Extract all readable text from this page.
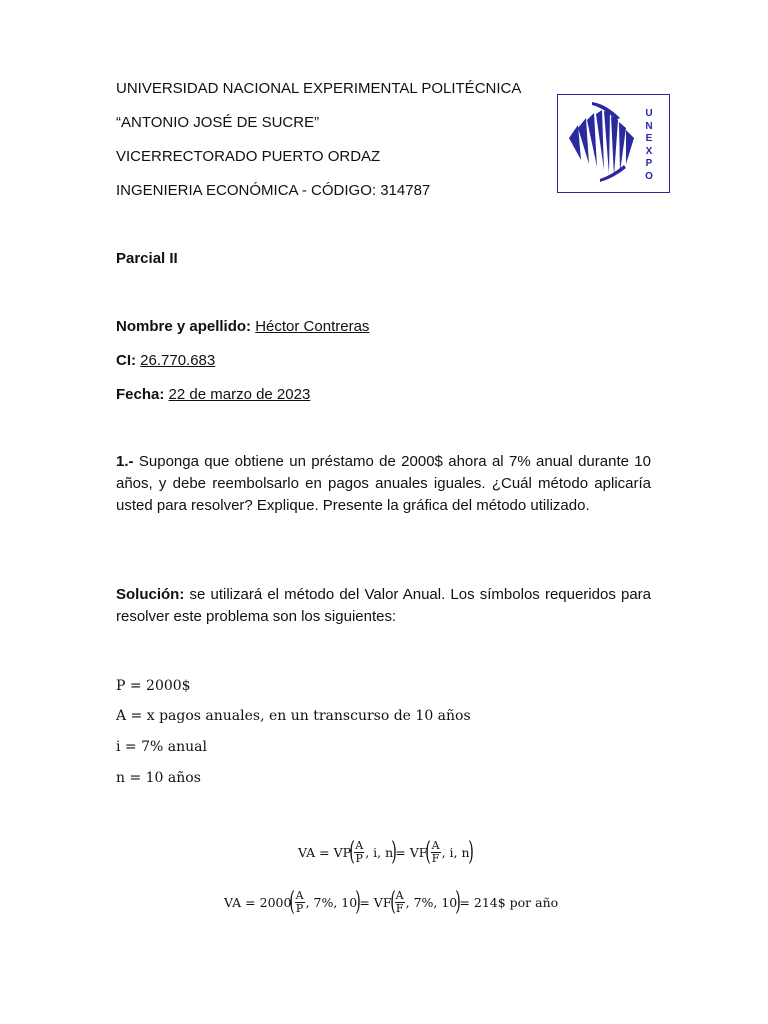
UNIVERSIDAD NACIONAL EXPERIMENTAL POLITÉCNICA
“ANTONIO JOSÉ DE SUCRE”
VICERRECTORADO PUERTO ORDAZ
INGENIERIA ECONÓMICA - CÓDIGO: 314787
U
N
E
X
P
O
Parcial II
Nombre y apellido: Héctor Contreras
CI: 26.770.683
Fecha: 22 de marzo de 2023
1.- Suponga que obtiene un préstamo de 2000$ ahora al 7% anual durante 10 años, y debe reembolsarlo en pagos anuales iguales. ¿Cuál método aplicaría usted para resolver? Explique. Presente la gráfica del método utilizado.
Solución: se utilizará el método del Valor Anual. Los símbolos requeridos para resolver este problema son los siguientes:
P = 2000$
A = x pagos anuales, en un transcurso de 10 años
i = 7% anual
n = 10 años
VA = VP
( $\frac{A}{P}$ , i, n
)
= VF
( $\frac{A}{F}$ , i, n
)
VA = 2000
( $\frac{A}{P}$ , 7%, 10
)
= VF
( $\frac{A}{F}$ , 7%, 10
)
= 214$ por año
